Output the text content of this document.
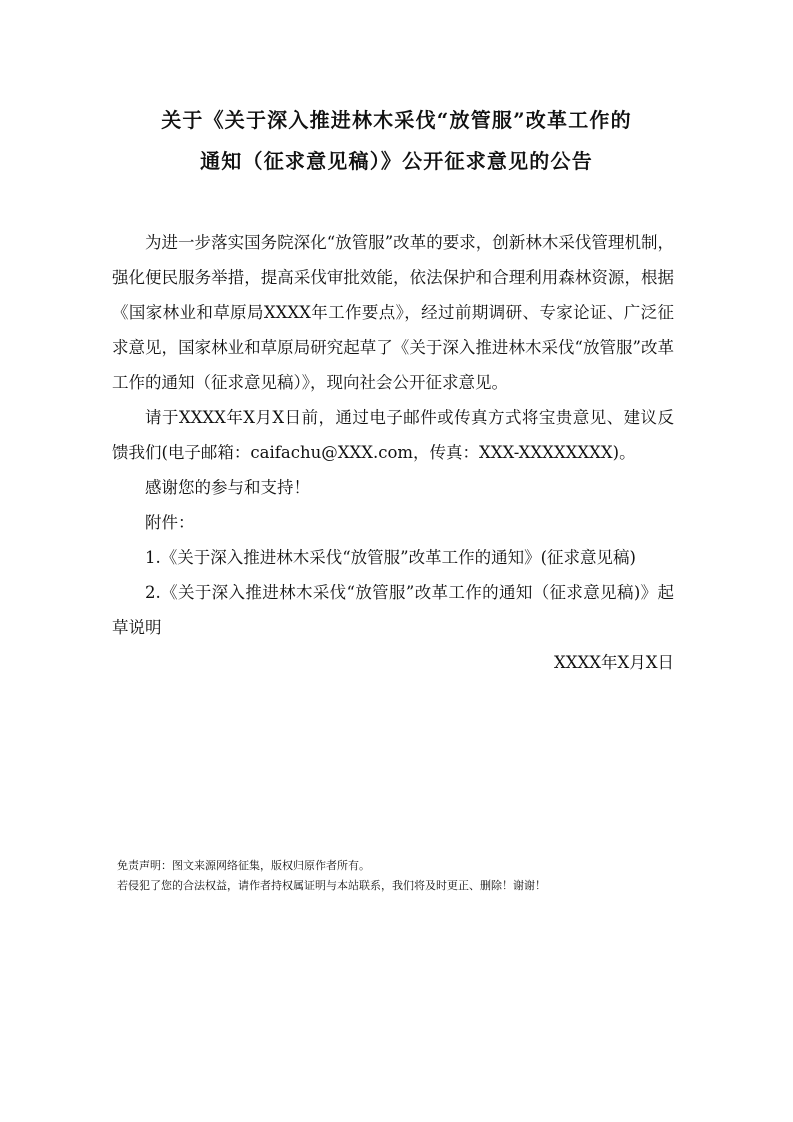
关于《关于深入推进林木采伐“放管服”改革工作的
通知（征求意见稿）》公开征求意见的公告

为进一步落实国务院深化“放管服”改革的要求，创新林木采伐管理机制，强化便民服务举措，提高采伐审批效能，依法保护和合理利用森林资源，根据《国家林业和草原局XXXX年工作要点》，经过前期调研、专家论证、广泛征求意见，国家林业和草原局研究起草了《关于深入推进林木采伐“放管服”改革工作的通知（征求意见稿）》，现向社会公开征求意见。

请于XXXX年X月X日前，通过电子邮件或传真方式将宝贵意见、建议反馈我们(电子邮箱：caifachu@XXX.com，传真：XXX-XXXXXXXX)。

感谢您的参与和支持！

附件：

1.《关于深入推进林木采伐“放管服”改革工作的通知》(征求意见稿)

2.《关于深入推进林木采伐“放管服”改革工作的通知（征求意见稿)》起草说明

XXXX年X月X日

免责声明：图文来源网络征集，版权归原作者所有。
若侵犯了您的合法权益，请作者持权属证明与本站联系，我们将及时更正、删除！谢谢！
